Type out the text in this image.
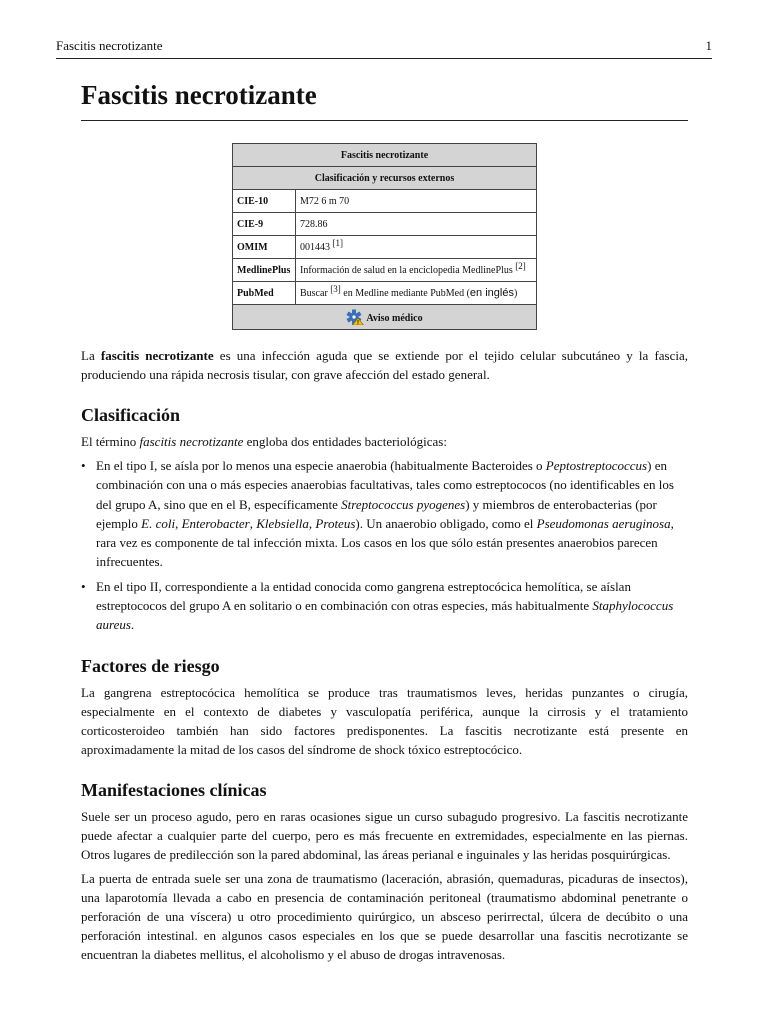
Fascitis necrotizante	1
Fascitis necrotizante
Fascitis necrotizante	
Clasificación y recursos externos	
CIE-10	M72 6 m 70
CIE-9	728.86
OMIM	001443 [1]
MedlinePlus	Información de salud en la enciclopedia MedlinePlus [2]
PubMed	Buscar [3] en Medline mediante PubMed (en inglés)
Aviso médico	

La fascitis necrotizante es una infección aguda que se extiende por el tejido celular subcutáneo y la fascia, produciendo una rápida necrosis tisular, con grave afección del estado general.

Clasificación

El término fascitis necrotizante engloba dos entidades bacteriológicas:

• En el tipo I, se aísla por lo menos una especie anaerobia (habitualmente Bacteroides o Peptostreptococcus) en combinación con una o más especies anaerobias facultativas, tales como estreptococos (no identificables en los del grupo A, sino que en el B, específicamente Streptococcus pyogenes) y miembros de enterobacterias (por ejemplo E. coli, Enterobacter, Klebsiella, Proteus). Un anaerobio obligado, como el Pseudomonas aeruginosa, rara vez es componente de tal infección mixta. Los casos en los que sólo están presentes anaerobios parecen infrecuentes.
• En el tipo II, correspondiente a la entidad conocida como gangrena estreptocócica hemolítica, se aíslan estreptococos del grupo A en solitario o en combinación con otras especies, más habitualmente Staphylococcus aureus.
Factores de riesgo

La gangrena estreptocócica hemolítica se produce tras traumatismos leves, heridas punzantes o cirugía, especialmente en el contexto de diabetes y vasculopatía periférica, aunque la cirrosis y el tratamiento corticosteroideo también han sido factores predisponentes. La fascitis necrotizante está presente en aproximadamente la mitad de los casos del síndrome de shock tóxico estreptocócico.

Manifestaciones clínicas

Suele ser un proceso agudo, pero en raras ocasiones sigue un curso subagudo progresivo. La fascitis necrotizante puede afectar a cualquier parte del cuerpo, pero es más frecuente en extremidades, especialmente en las piernas. Otros lugares de predilección son la pared abdominal, las áreas perianal e inguinales y las heridas posquirúrgicas.

La puerta de entrada suele ser una zona de traumatismo (laceración, abrasión, quemaduras, picaduras de insectos), una laparotomía llevada a cabo en presencia de contaminación peritoneal (traumatismo abdominal penetrante o perforación de una víscera) u otro procedimiento quirúrgico, un absceso perirrectal, úlcera de decúbito o una perforación intestinal. en algunos casos especiales en los que se puede desarrollar una fascitis necrotizante se encuentran la diabetes mellitus, el alcoholismo y el abuso de drogas intravenosas.
